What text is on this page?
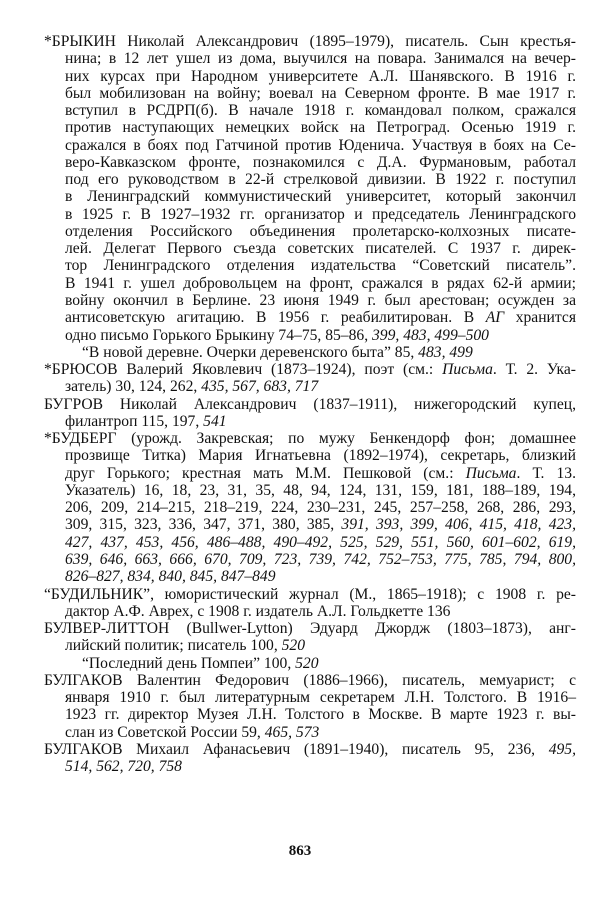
*БРЫКИН Николай Александрович (1895–1979), писатель. Сын крестья-
нина; в 12 лет ушел из дома, выучился на повара. Занимался на вечер-
них курсах при Народном университете А.Л. Шанявского. В 1916 г.
был мобилизован на войну; воевал на Северном фронте. В мае 1917 г.
вступил в РСДРП(б). В начале 1918 г. командовал полком, сражался
против наступающих немецких войск на Петроград. Осенью 1919 г.
сражался в боях под Гатчиной против Юденича. Участвуя в боях на Се-
веро-Кавказском фронте, познакомился с Д.А. Фурмановым, работал
под его руководством в 22-й стрелковой дивизии. В 1922 г. поступил
в Ленинградский коммунистический университет, который закончил
в 1925 г. В 1927–1932 гг. организатор и председатель Ленинградского
отделения Российского объединения пролетарско-колхозных писате-
лей. Делегат Первого съезда советских писателей. С 1937 г. дирек-
тор Ленинградского отделения издательства “Советский писатель”.
В 1941 г. ушел добровольцем на фронт, сражался в рядах 62-й армии;
войну окончил в Берлине. 23 июня 1949 г. был арестован; осужден за
антисоветскую агитацию. В 1956 г. реабилитирован. В АГ хранится
одно письмо Горького Брыкину 74–75, 85–86, 399, 483, 499–500
“В новой деревне. Очерки деревенского быта” 85, 483, 499
*БРЮСОВ Валерий Яковлевич (1873–1924), поэт (см.: Письма. Т. 2. Ука-
затель) 30, 124, 262, 435, 567, 683, 717
БУГРОВ Николай Александрович (1837–1911), нижегородский купец,
филантроп 115, 197, 541
*БУДБЕРГ (урожд. Закревская; по мужу Бенкендорф фон; домашнее
прозвище Титка) Мария Игнатьевна (1892–1974), секретарь, близкий
друг Горького; крестная мать М.М. Пешковой (см.: Письма. Т. 13.
Указатель) 16, 18, 23, 31, 35, 48, 94, 124, 131, 159, 181, 188–189, 194,
206, 209, 214–215, 218–219, 224, 230–231, 245, 257–258, 268, 286, 293,
309, 315, 323, 336, 347, 371, 380, 385, 391, 393, 399, 406, 415, 418, 423,
427, 437, 453, 456, 486–488, 490–492, 525, 529, 551, 560, 601–602, 619,
639, 646, 663, 666, 670, 709, 723, 739, 742, 752–753, 775, 785, 794, 800,
826–827, 834, 840, 845, 847–849
“БУДИЛЬНИК”, юмористический журнал (М., 1865–1918); с 1908 г. ре-
дактор А.Ф. Аврех, с 1908 г. издатель А.Л. Гольдкетте 136
БУЛВЕР-ЛИТТОН (Bullwer-Lytton) Эдуард Джордж (1803–1873), анг-
лийский политик; писатель 100, 520
“Последний день Помпеи” 100, 520
БУЛГАКОВ Валентин Федорович (1886–1966), писатель, мемуарист; с
января 1910 г. был литературным секретарем Л.Н. Толстого. В 1916–
1923 гг. директор Музея Л.Н. Толстого в Москве. В марте 1923 г. вы-
слан из Советской России 59, 465, 573
БУЛГАКОВ Михаил Афанасьевич (1891–1940), писатель 95, 236, 495,
514, 562, 720, 758
863
